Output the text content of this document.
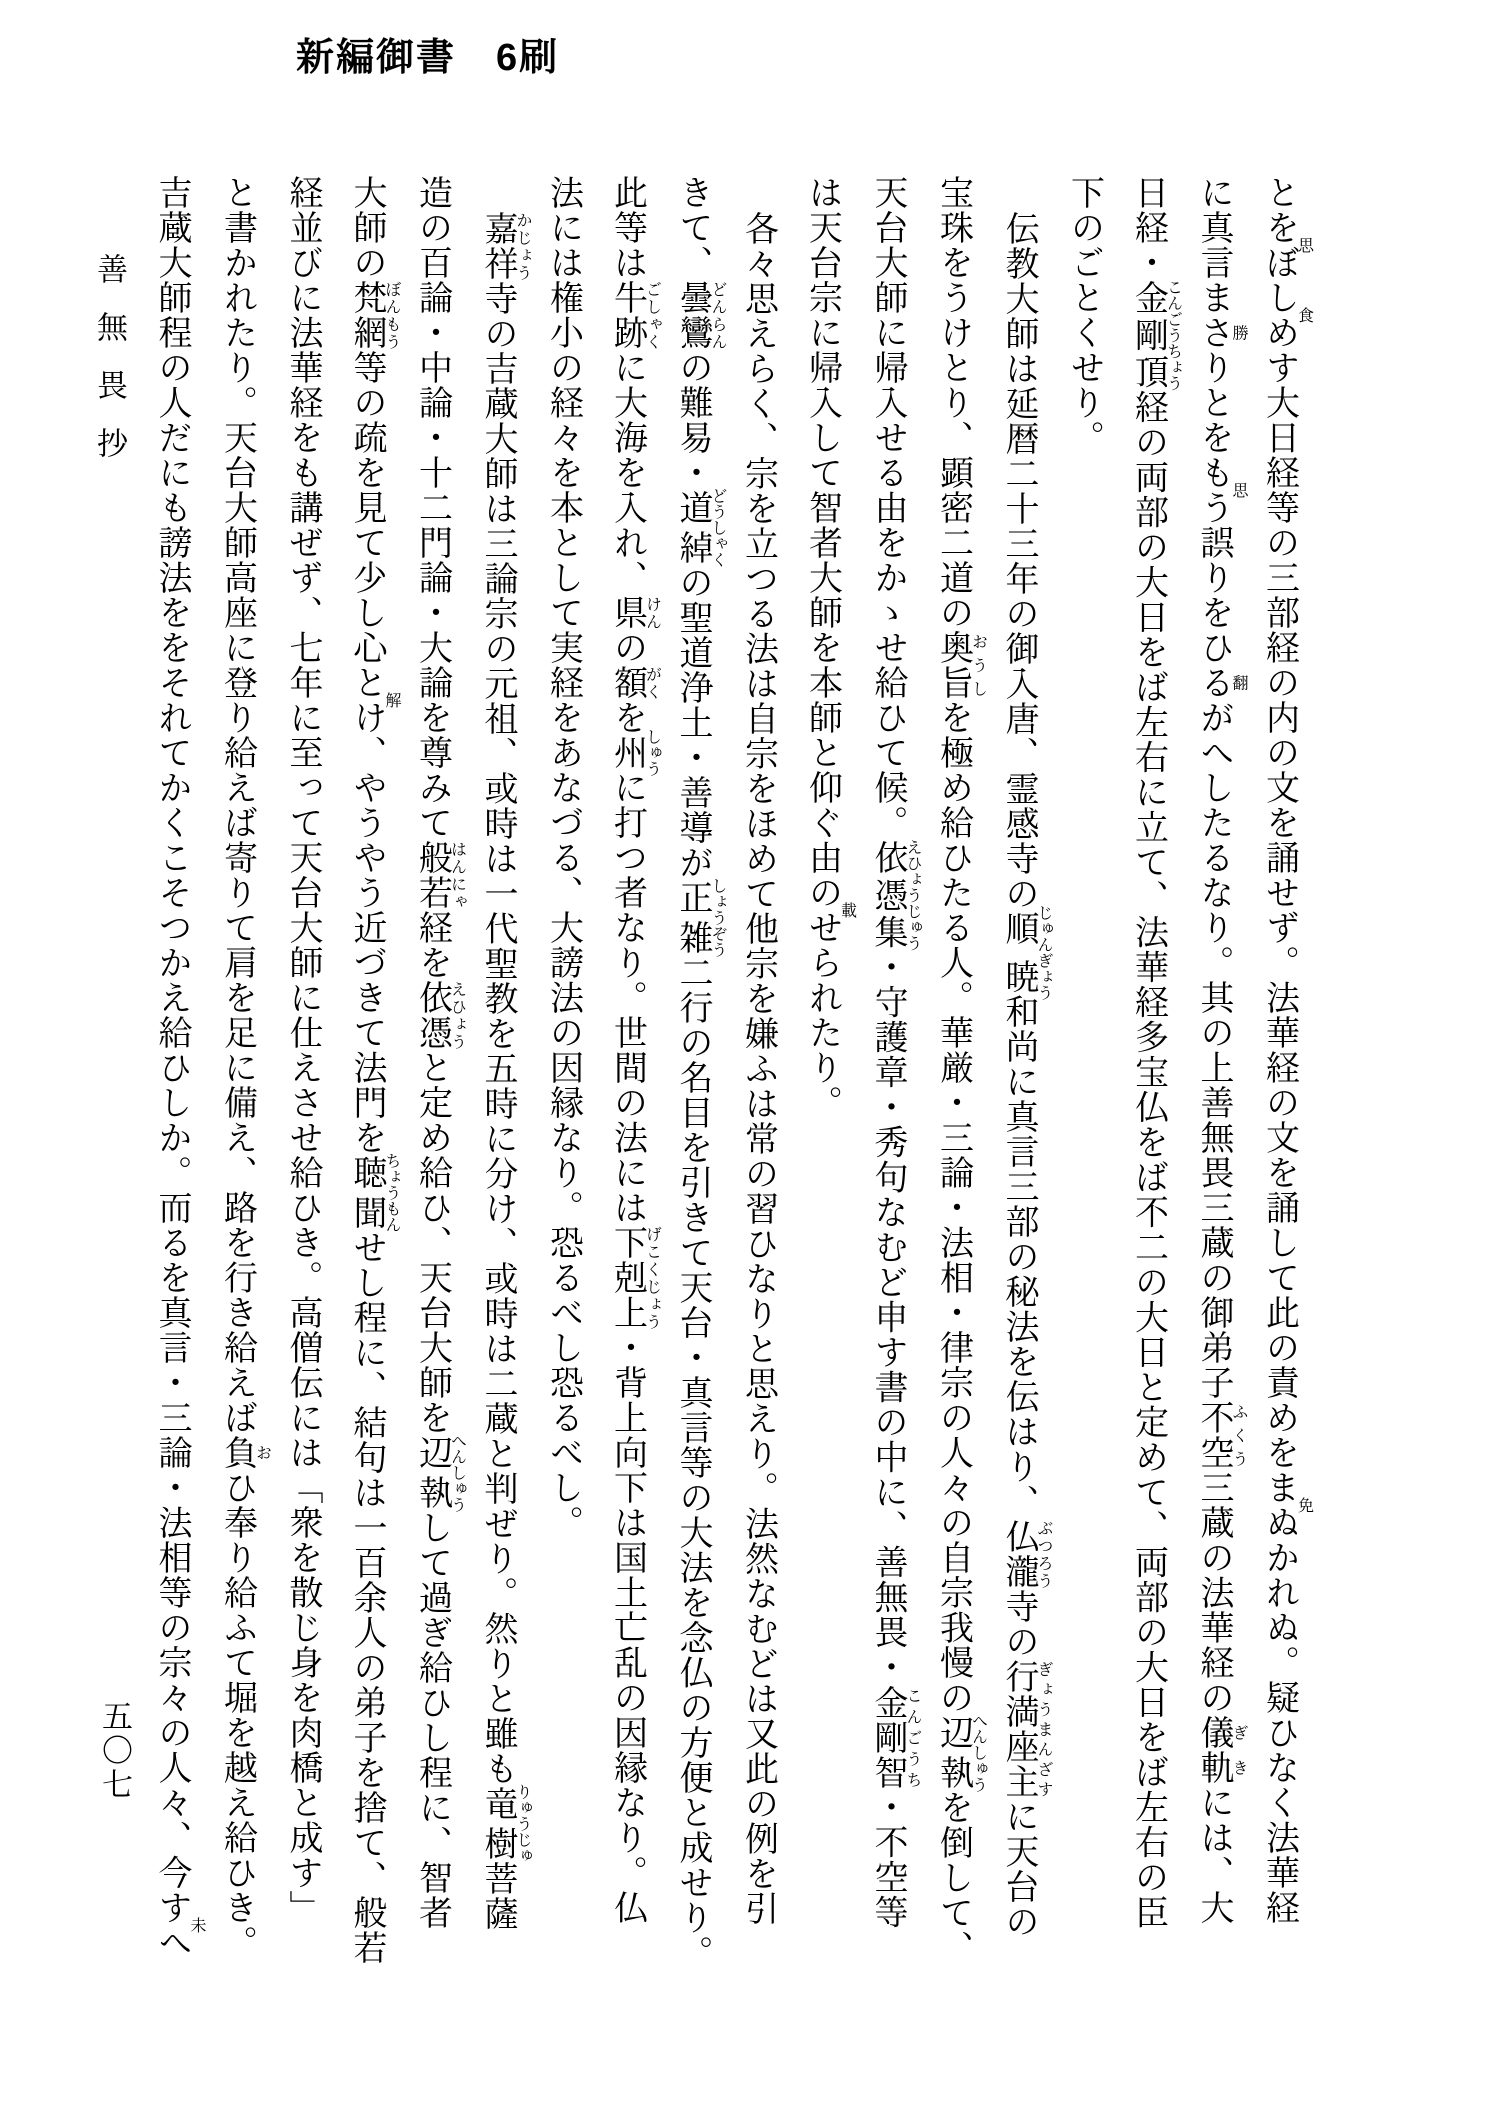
新編御書　6刷
とをぼ思しめ食す大日経等の三部経の内の文を誦せず。法華経の文を誦して此の責めをまぬ免かれぬ。疑ひなく法華経
に真言まさり勝とをもう思誤りをひるが翻へしたるなり。其の上善無畏三蔵の御弟子不空ふくう三蔵の法華経の儀軌ぎきには、大
日経・金剛頂こんごうちょう経の両部の大日をば左右に立て、法華経多宝仏をば不二の大日と定めて、両部の大日をば左右の臣
下のごとくせり。
伝教大師は延暦二十三年の御入唐、霊感寺の順暁じゅんぎょう和尚に真言三部の秘法を伝はり、仏瀧ぶつろう寺の行満座主ぎょうまんざすに天台の
宝珠をうけとり、顕密二道の奥旨おうしを極め給ひたる人。華厳・三論・法相・律宗の人々の自宗我慢の辺執へんしゅうを倒して、
天台大師に帰入せる由をかゝせ給ひて候。依憑集えひょうじゅう・守護章・秀句なむど申す書の中に、善無畏・金剛智こんごうち・不空等
は天台宗に帰入して智者大師を本師と仰ぐ由のせ載られたり。
各々思えらく、宗を立つる法は自宗をほめて他宗を嫌ふは常の習ひなりと思えり。法然なむどは又此の例を引
きて、曇鸞どんらんの難易・道綽どうしゃくの聖道浄土・善導が正雑しょうぞう二行の名目を引きて天台・真言等の大法を念仏の方便と成せり。
此等は牛跡ごしゃくに大海を入れ、県けんの額がくを州しゅうに打つ者なり。世間の法には下剋上げこくじょう・背上向下は国土亡乱の因縁なり。仏
法には権小の経々を本として実経をあなづる、大謗法の因縁なり。恐るべし恐るべし。
嘉祥かじょう寺の吉蔵大師は三論宗の元祖、或時は一代聖教を五時に分け、或時は二蔵と判ぜり。然りと雖も竜樹りゅうじゅ菩薩
造の百論・中論・十二門論・大論を尊みて般若はんにゃ経を依憑えひょうと定め給ひ、天台大師を辺執へんしゅうして過ぎ給ひし程に、智者
大師の梵網ぼんもう等の疏を見て少し心とけ解、やうやう近づきて法門を聴聞ちょうもんせし程に、結句は一百余人の弟子を捨て、般若
経並びに法華経をも講ぜず、七年に至って天台大師に仕えさせ給ひき。高僧伝には「衆を散じ身を肉橋と成す」
と書かれたり。天台大師高座に登り給えば寄りて肩を足に備え、路を行き給えば負おひ奉り給ふて堀を越え給ひき。
吉蔵大師程の人だにも謗法ををそれてかくこそつかえ給ひしか。而るを真言・三論・法相等の宗々の人々、今すへ未
善無畏抄
五〇七
